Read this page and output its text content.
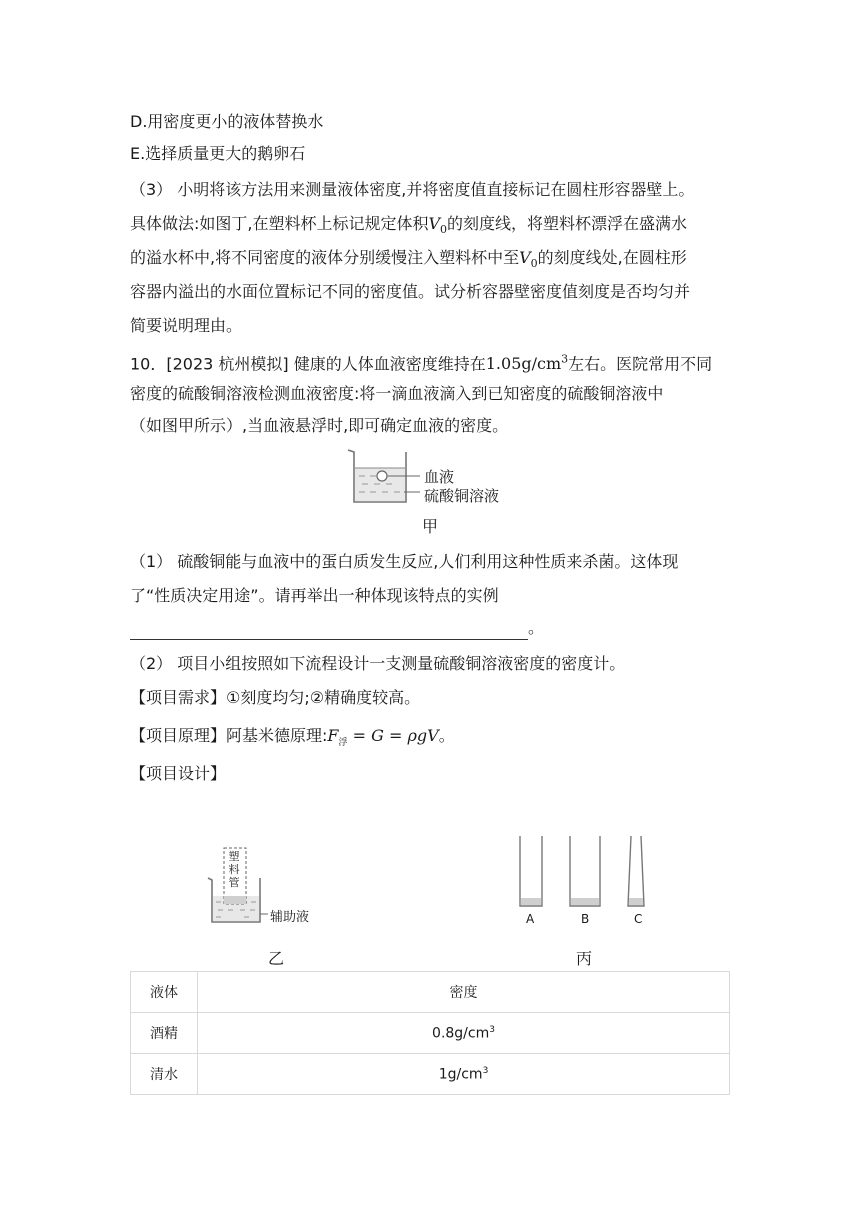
D.用密度更小的液体替换水
E.选择质量更大的鹅卵石
（3） 小明将该方法用来测量液体密度,并将密度值直接标记在圆柱形容器壁上。
具体做法:如图丁,在塑料杯上标记规定体积$V_0$的刻度线，将塑料杯漂浮在盛满水
的溢水杯中,将不同密度的液体分别缓慢注入塑料杯中至$V_0$的刻度线处,在圆柱形
容器内溢出的水面位置标记不同的密度值。试分析容器壁密度值刻度是否均匀并
简要说明理由。
10．[2023 杭州模拟] 健康的人体血液密度维持在$1.05g/cm^3$左右。医院常用不同
密度的硫酸铜溶液检测血液密度:将一滴血液滴入到已知密度的硫酸铜溶液中
（如图甲所示）,当血液悬浮时,即可确定血液的密度。
血液
硫酸铜溶液
甲
（1） 硫酸铜能与血液中的蛋白质发生反应,人们利用这种性质来杀菌。这体现
了“性质决定用途”。请再举出一种体现该特点的实例
。
（2） 项目小组按照如下流程设计一支测量硫酸铜溶液密度的密度计。
【项目需求】①刻度均匀;②精确度较高。
【项目原理】阿基米德原理$:F_浮 = G = \rho gV$。
【项目设计】
塑料管
辅助液
乙
A	B	C
丙
液体	密度
酒精	$0.8g/cm^3$
清水	$1g/cm^3$
